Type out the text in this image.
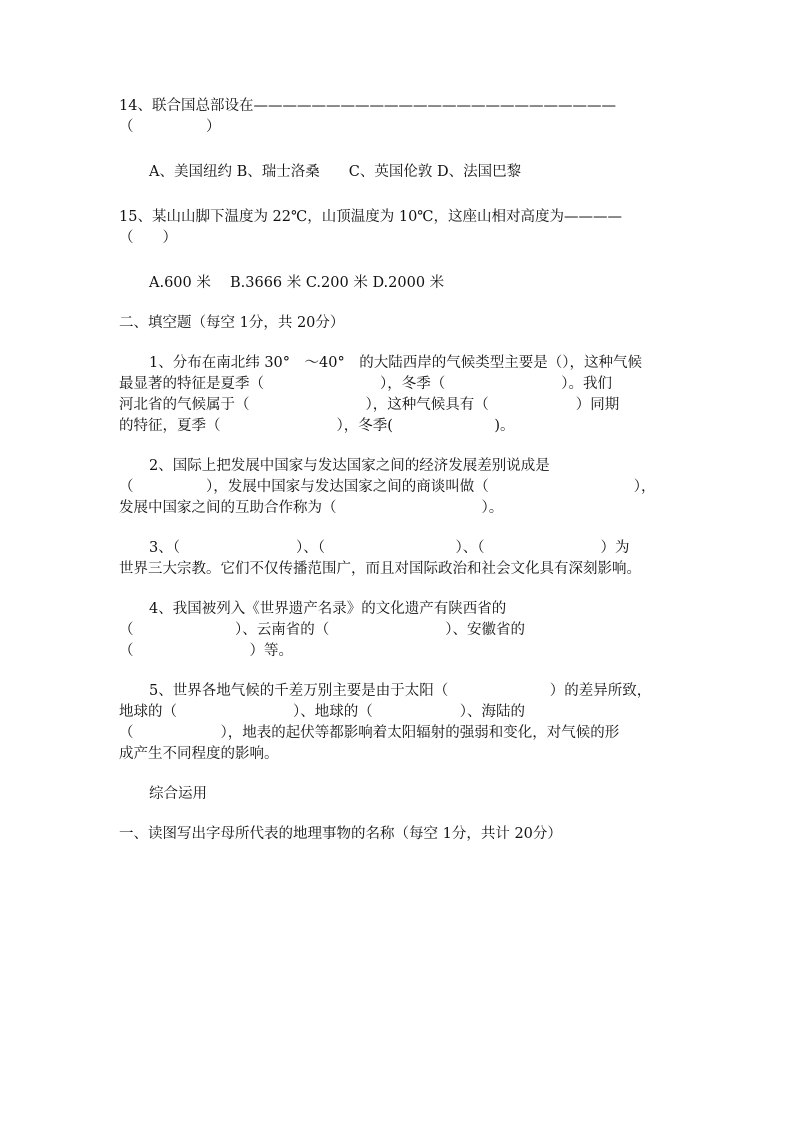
14、联合国总部设在—————————————————————————

（　　　　　）

A、美国纽约 B、瑞士洛桑　　C、英国伦敦 D、法国巴黎

15、某山山脚下温度为 22℃，山顶温度为 10℃，这座山相对高度为————

（　　）

A.600 米　 B.3666 米 C.200 米 D.2000 米

二、填空题（每空 1分，共 20分）

1、分布在南北纬 30°　～40°　的大陆西岸的气候类型主要是（），这种气候

最显著的特征是夏季（　　　　　　　　），冬季（　　　　　　　　）。我们

河北省的气候属于（　　　　　　　　），这种气候具有（　　　　　　）同期

的特征，夏季（　　　　　　　　），冬季(　　　　　　　)。

2、国际上把发展中国家与发达国家之间的经济发展差别说成是

（　　　　　），发展中国家与发达国家之间的商谈叫做（　　　　　　　　　　），

发展中国家之间的互助合作称为（　　　　　　　　　　）。

3、（　　　　　　　　）、（　　　　　　　　　）、（　　　　　　　　）为

世界三大宗教。它们不仅传播范围广，而且对国际政治和社会文化具有深刻影响。

4、我国被列入《世界遗产名录》的文化遗产有陕西省的

（　　　　　　　）、云南省的（　　　　　　　　）、安徽省的

（　　　　　　　　）等。

5、世界各地气候的千差万别主要是由于太阳（　　　　　　　）的差异所致，

地球的（　　　　　　　　）、地球的（　　　　　　）、海陆的

（　　　　　　），地表的起伏等都影响着太阳辐射的强弱和变化，对气候的形

成产生不同程度的影响。

综合运用

一、读图写出字母所代表的地理事物的名称（每空 1分，共计 20分）
